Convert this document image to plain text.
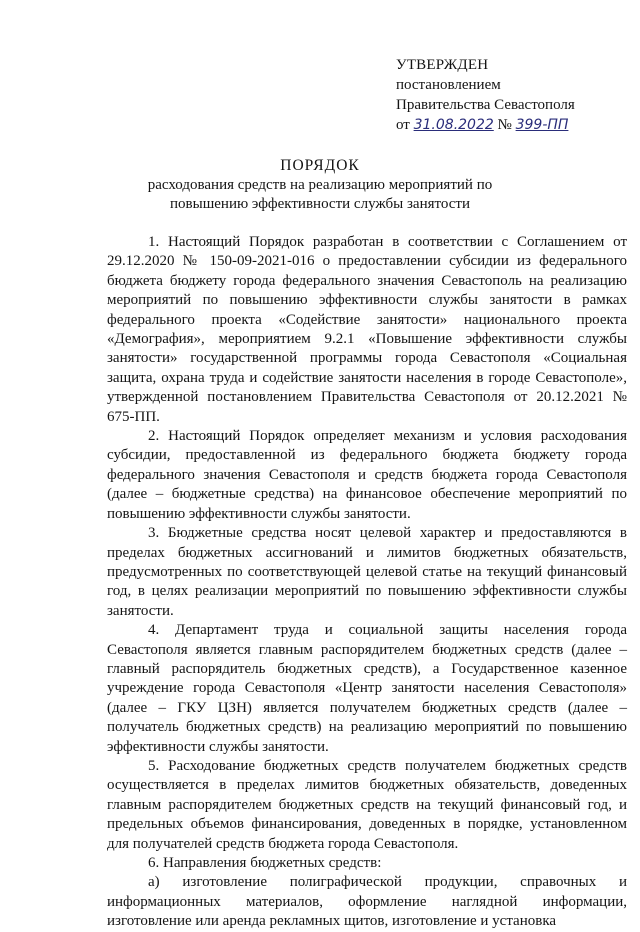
УТВЕРЖДЕН
постановлением
Правительства Севастополя
от 31.08.2022 № 399-ПП
ПОРЯДОК
расходования средств на реализацию мероприятий по повышению эффективности службы занятости

1. Настоящий Порядок разработан в соответствии с Соглашением от 29.12.2020 № 150-09-2021-016 о предоставлении субсидии из федерального бюджета бюджету города федерального значения Севастополь на реализацию мероприятий по повышению эффективности службы занятости в рамках федерального проекта «Содействие занятости» национального проекта «Демография», мероприятием 9.2.1 «Повышение эффективности службы занятости» государственной программы города Севастополя «Социальная защита, охрана труда и содействие занятости населения в городе Севастополе», утвержденной постановлением Правительства Севастополя от 20.12.2021 № 675-ПП.

2. Настоящий Порядок определяет механизм и условия расходования субсидии, предоставленной из федерального бюджета бюджету города федерального значения Севастополя и средств бюджета города Севастополя (далее – бюджетные средства) на финансовое обеспечение мероприятий по повышению эффективности службы занятости.

3. Бюджетные средства носят целевой характер и предоставляются в пределах бюджетных ассигнований и лимитов бюджетных обязательств, предусмотренных по соответствующей целевой статье на текущий финансовый год, в целях реализации мероприятий по повышению эффективности службы занятости.

4. Департамент труда и социальной защиты населения города Севастополя является главным распорядителем бюджетных средств (далее – главный распорядитель бюджетных средств), а Государственное казенное учреждение города Севастополя «Центр занятости населения Севастополя» (далее – ГКУ ЦЗН) является получателем бюджетных средств (далее – получатель бюджетных средств) на реализацию мероприятий по повышению эффективности службы занятости.

5. Расходование бюджетных средств получателем бюджетных средств осуществляется в пределах лимитов бюджетных обязательств, доведенных главным распорядителем бюджетных средств на текущий финансовый год, и предельных объемов финансирования, доведенных в порядке, установленном для получателей средств бюджета города Севастополя.

6. Направления бюджетных средств:

а) изготовление полиграфической продукции, справочных и информационных материалов, оформление наглядной информации, изготовление или аренда рекламных щитов, изготовление и установка
